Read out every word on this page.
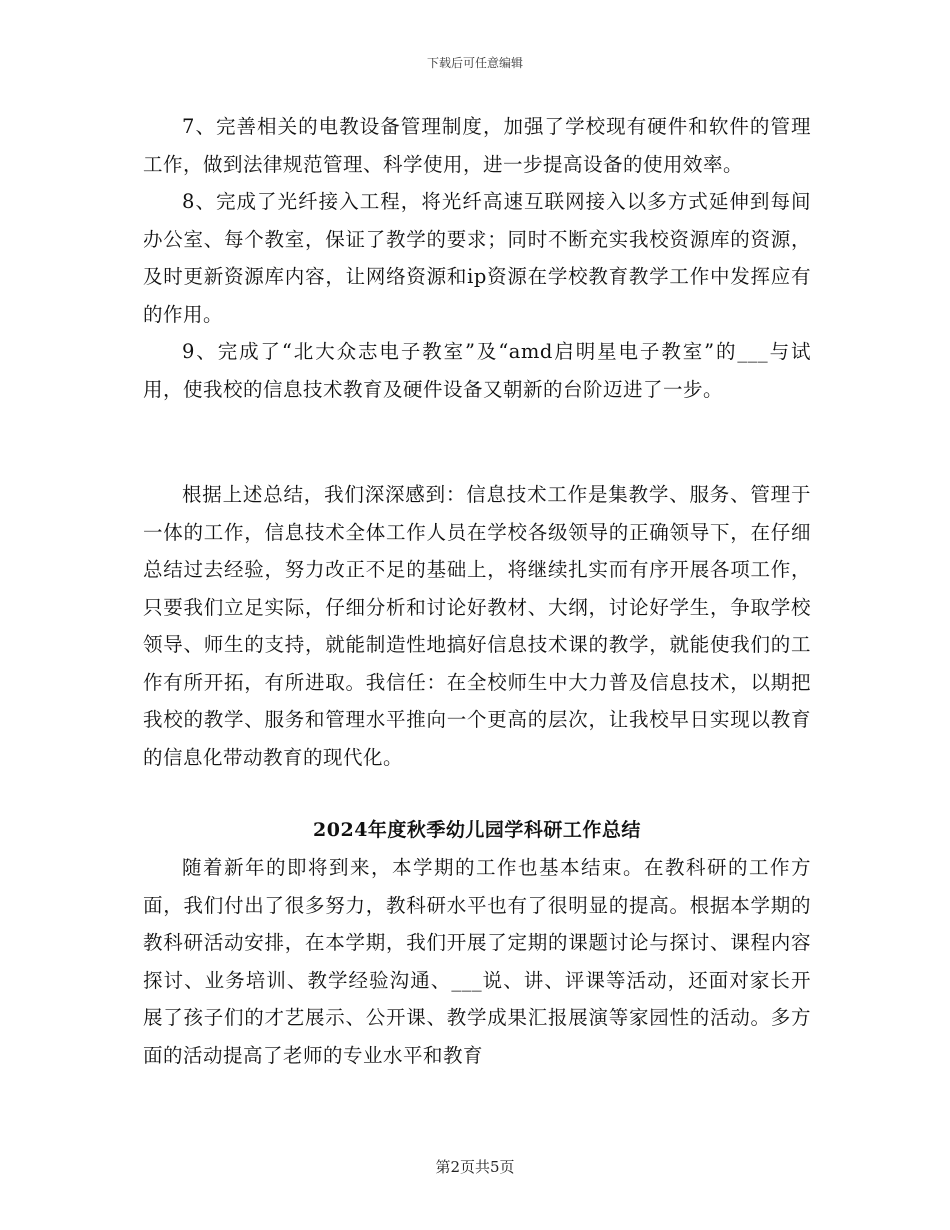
下载后可任意编辑

7、完善相关的电教设备管理制度，加强了学校现有硬件和软件的管理工作，做到法律规范管理、科学使用，进一步提高设备的使用效率。

8、完成了光纤接入工程，将光纤高速互联网接入以多方式延伸到每间办公室、每个教室，保证了教学的要求；同时不断充实我校资源库的资源，及时更新资源库内容，让网络资源和ip资源在学校教育教学工作中发挥应有的作用。

9、完成了“北大众志电子教室”及“amd启明星电子教室”的___与试用，使我校的信息技术教育及硬件设备又朝新的台阶迈进了一步。

根据上述总结，我们深深感到：信息技术工作是集教学、服务、管理于一体的工作，信息技术全体工作人员在学校各级领导的正确领导下，在仔细总结过去经验，努力改正不足的基础上，将继续扎实而有序开展各项工作，只要我们立足实际，仔细分析和讨论好教材、大纲，讨论好学生，争取学校领导、师生的支持，就能制造性地搞好信息技术课的教学，就能使我们的工作有所开拓，有所进取。我信任：在全校师生中大力普及信息技术，以期把我校的教学、服务和管理水平推向一个更高的层次，让我校早日实现以教育的信息化带动教育的现代化。

2024年度秋季幼儿园学科研工作总结

随着新年的即将到来，本学期的工作也基本结束。在教科研的工作方面，我们付出了很多努力，教科研水平也有了很明显的提高。根据本学期的教科研活动安排，在本学期，我们开展了定期的课题讨论与探讨、课程内容探讨、业务培训、教学经验沟通、___说、讲、评课等活动，还面对家长开展了孩子们的才艺展示、公开课、教学成果汇报展演等家园性的活动。多方面的活动提高了老师的专业水平和教育

第2页共5页
